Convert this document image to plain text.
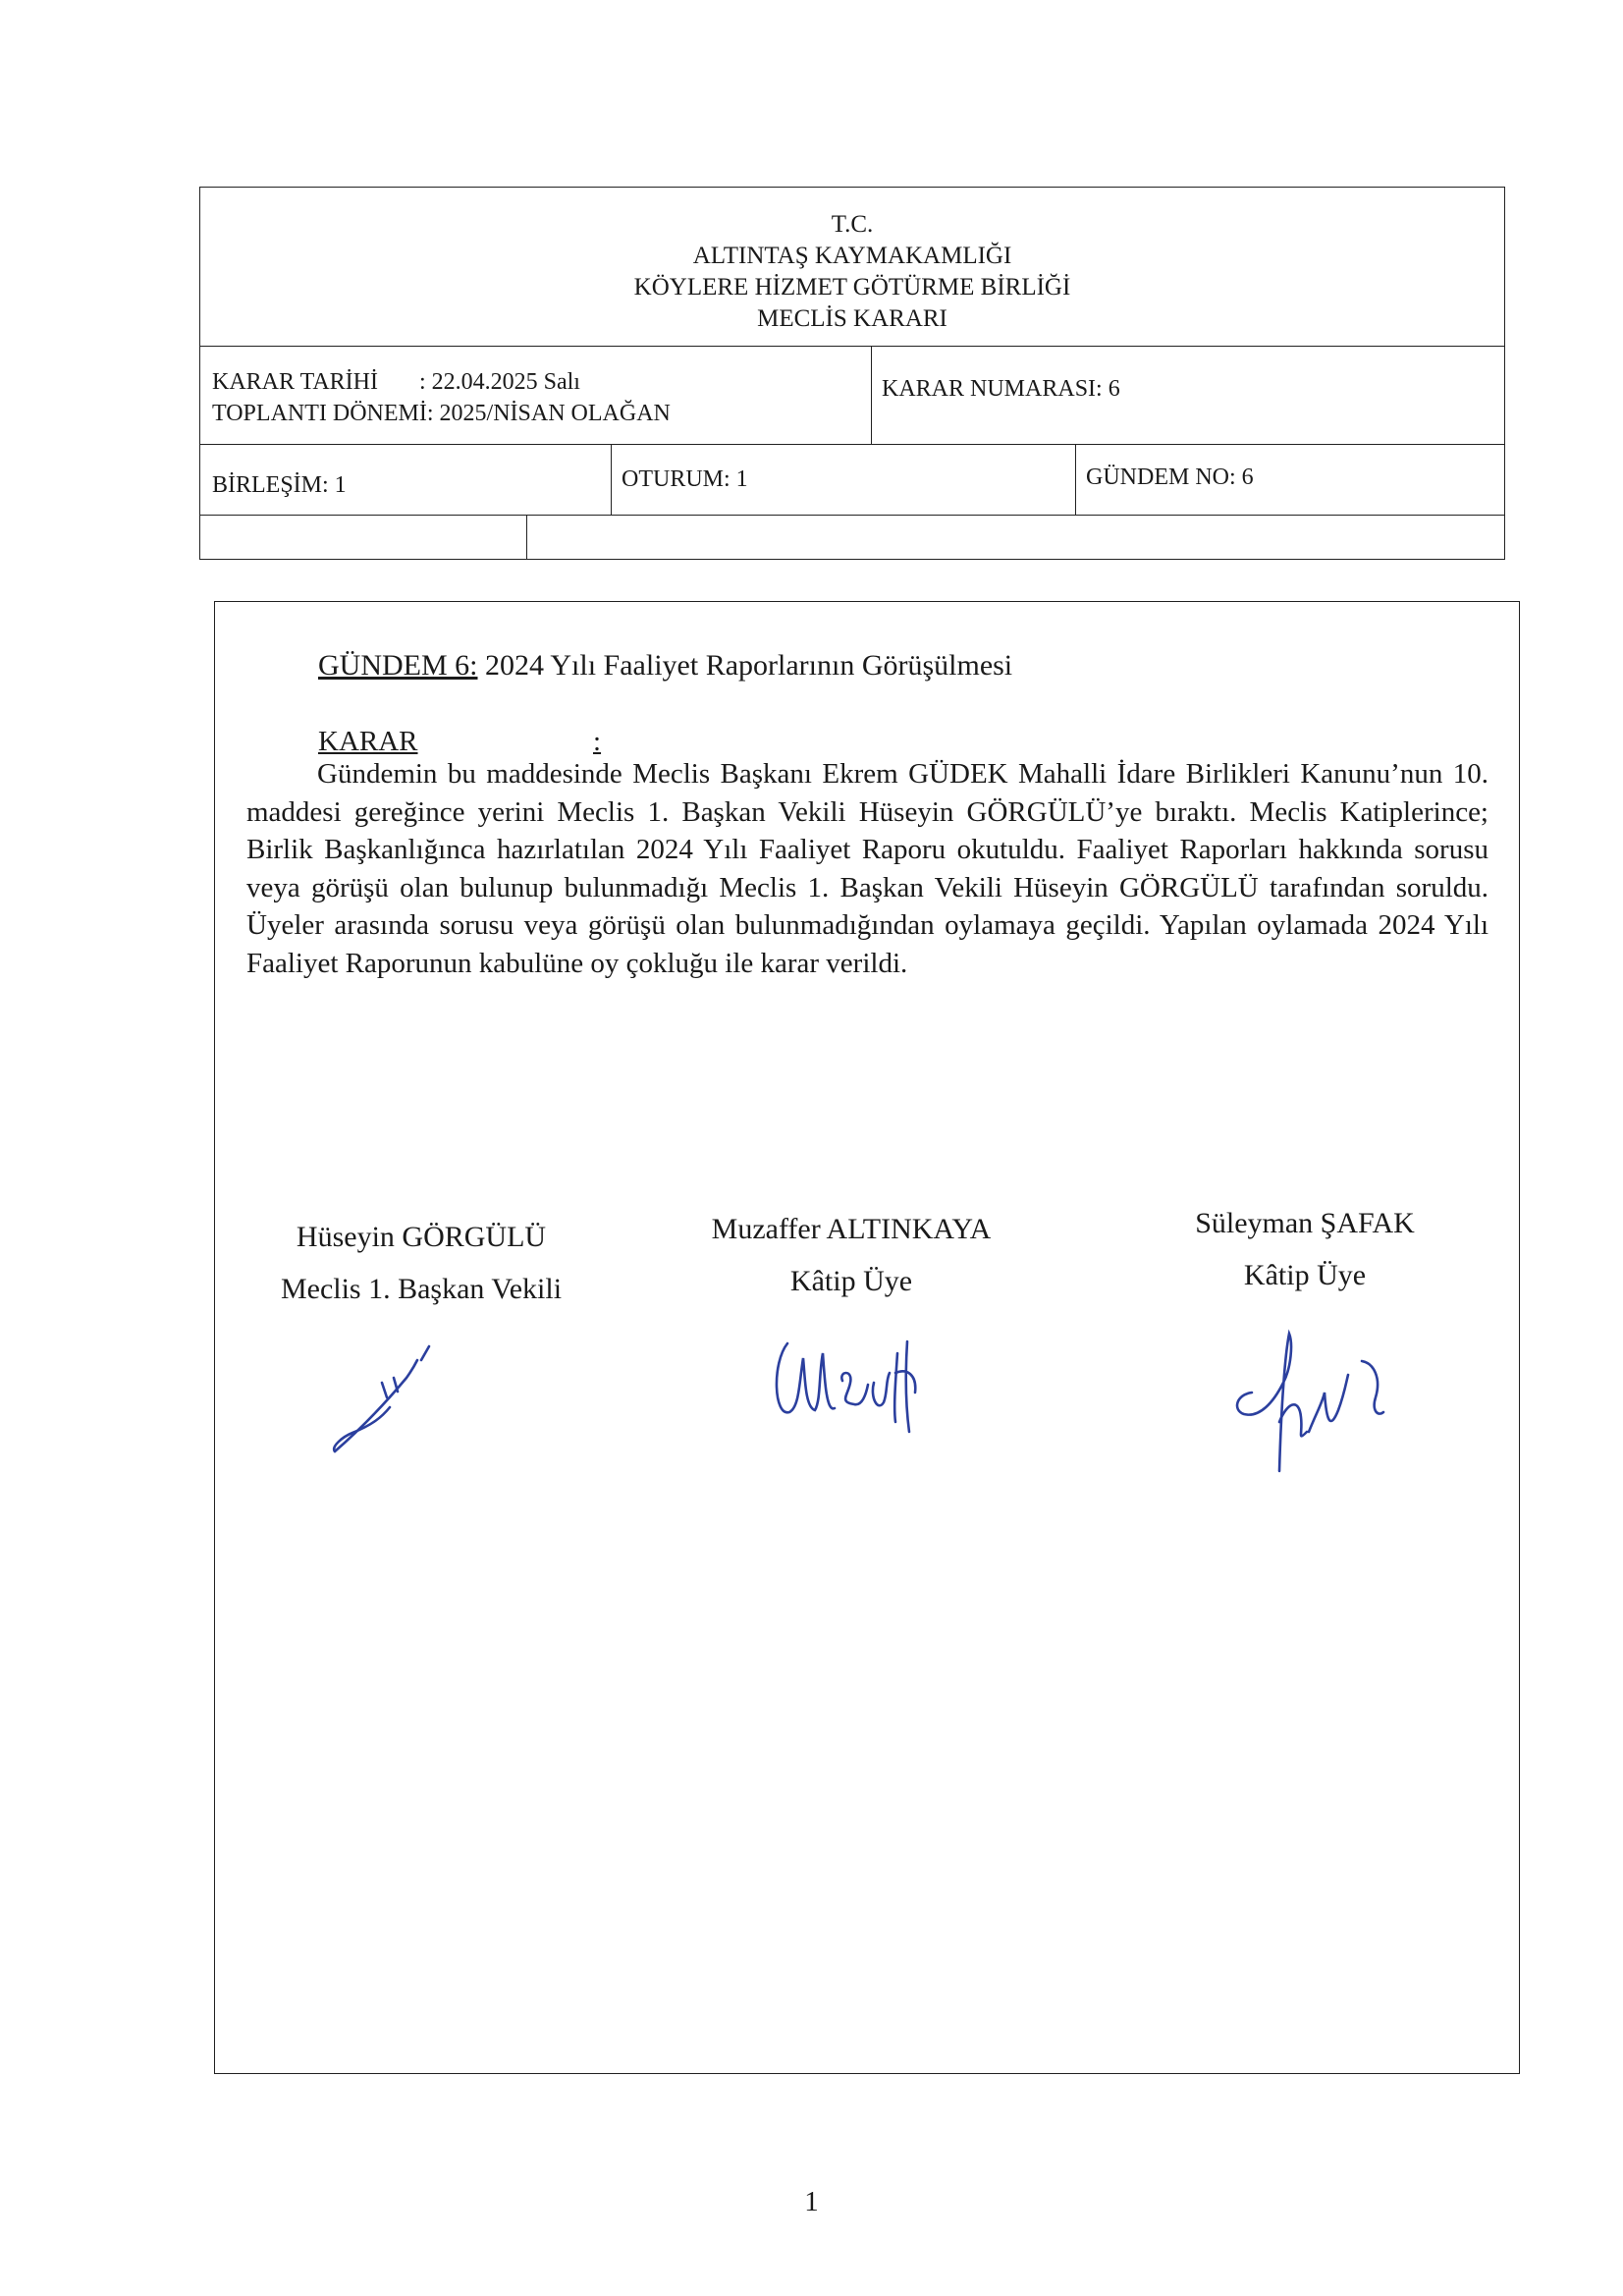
T.C.
ALTINTAŞ KAYMAKAMLIĞI
KÖYLERE HİZMET GÖTÜRME BİRLİĞİ
MECLİS KARARI
KARAR TARİHİ       : 22.04.2025 Salı
TOPLANTI DÖNEMİ: 2025/NİSAN OLAĞAN
KARAR NUMARASI: 6
BİRLEŞİM: 1	OTURUM: 1	GÜNDEM NO: 6
GÜNDEM 6: 2024 Yılı Faaliyet Raporlarının Görüşülmesi
KARAR	:
Gündemin bu maddesinde Meclis Başkanı Ekrem GÜDEK Mahalli İdare Birlikleri Kanunu’nun 10. maddesi gereğince yerini Meclis 1. Başkan Vekili Hüseyin GÖRGÜLÜ’ye bıraktı. Meclis Katiplerince; Birlik Başkanlığınca hazırlatılan 2024 Yılı Faaliyet Raporu okutuldu. Faaliyet Raporları hakkında sorusu veya görüşü olan bulunup bulunmadığı Meclis 1. Başkan Vekili Hüseyin GÖRGÜLÜ tarafından soruldu. Üyeler arasında sorusu veya görüşü olan bulunmadığından oylamaya geçildi. Yapılan oylamada 2024 Yılı Faaliyet Raporunun kabulüne oy çokluğu ile karar verildi.
Hüseyin GÖRGÜLÜ
Meclis 1. Başkan Vekili
Muzaffer ALTINKAYA
Kâtip Üye
Süleyman ŞAFAK
Kâtip Üye
1
